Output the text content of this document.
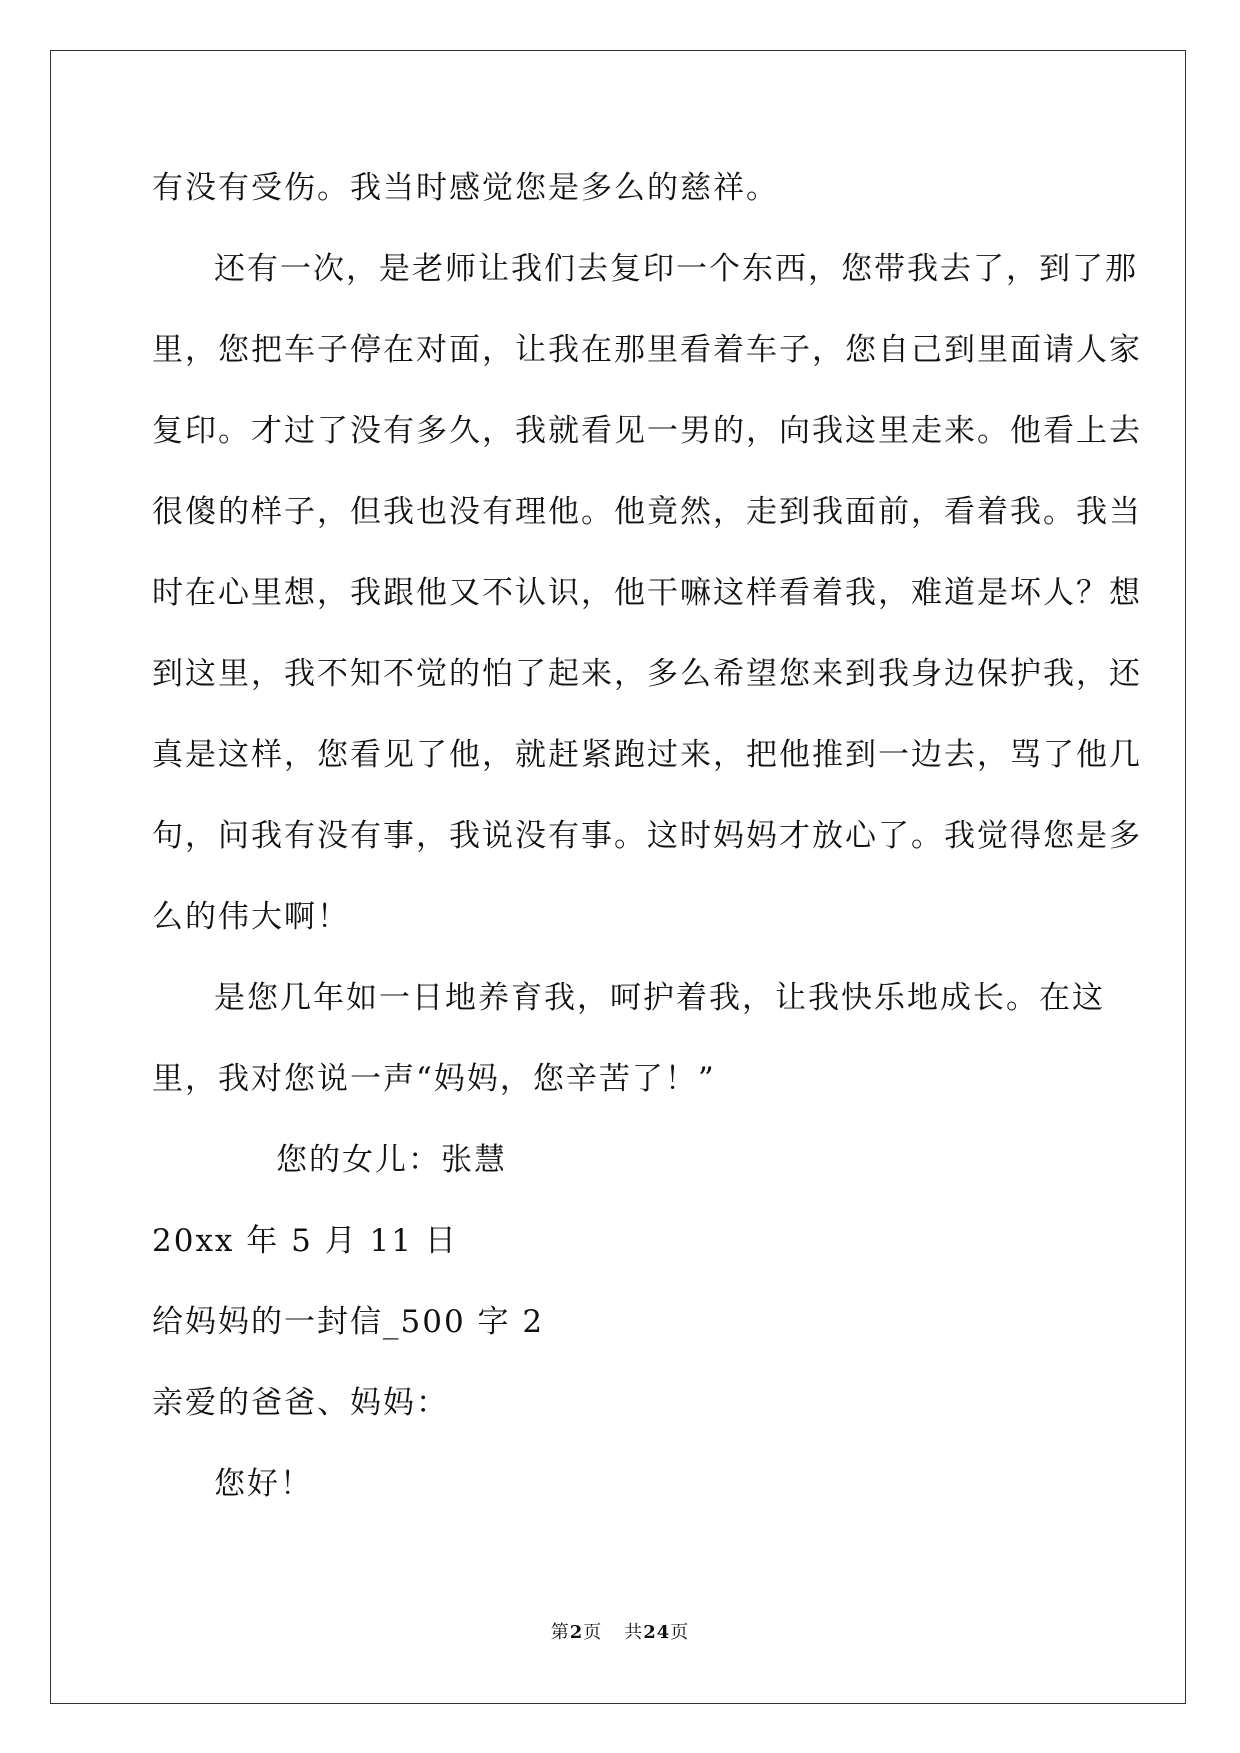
有没有受伤。我当时感觉您是多么的慈祥。
还有一次，是老师让我们去复印一个东西，您带我去了，到了那
里，您把车子停在对面，让我在那里看着车子，您自己到里面请人家
复印。才过了没有多久，我就看见一男的，向我这里走来。他看上去
很傻的样子，但我也没有理他。他竟然，走到我面前，看着我。我当
时在心里想，我跟他又不认识，他干嘛这样看着我，难道是坏人？想
到这里，我不知不觉的怕了起来，多么希望您来到我身边保护我，还
真是这样，您看见了他，就赶紧跑过来，把他推到一边去，骂了他几
句，问我有没有事，我说没有事。这时妈妈才放心了。我觉得您是多
么的伟大啊！
是您几年如一日地养育我，呵护着我，让我快乐地成长。在这
里，我对您说一声“妈妈，您辛苦了！”
您的女儿：张慧
20xx 年 5 月 11 日
给妈妈的一封信_500 字 2
亲爱的爸爸、妈妈：
您好！
第2页 共24页
